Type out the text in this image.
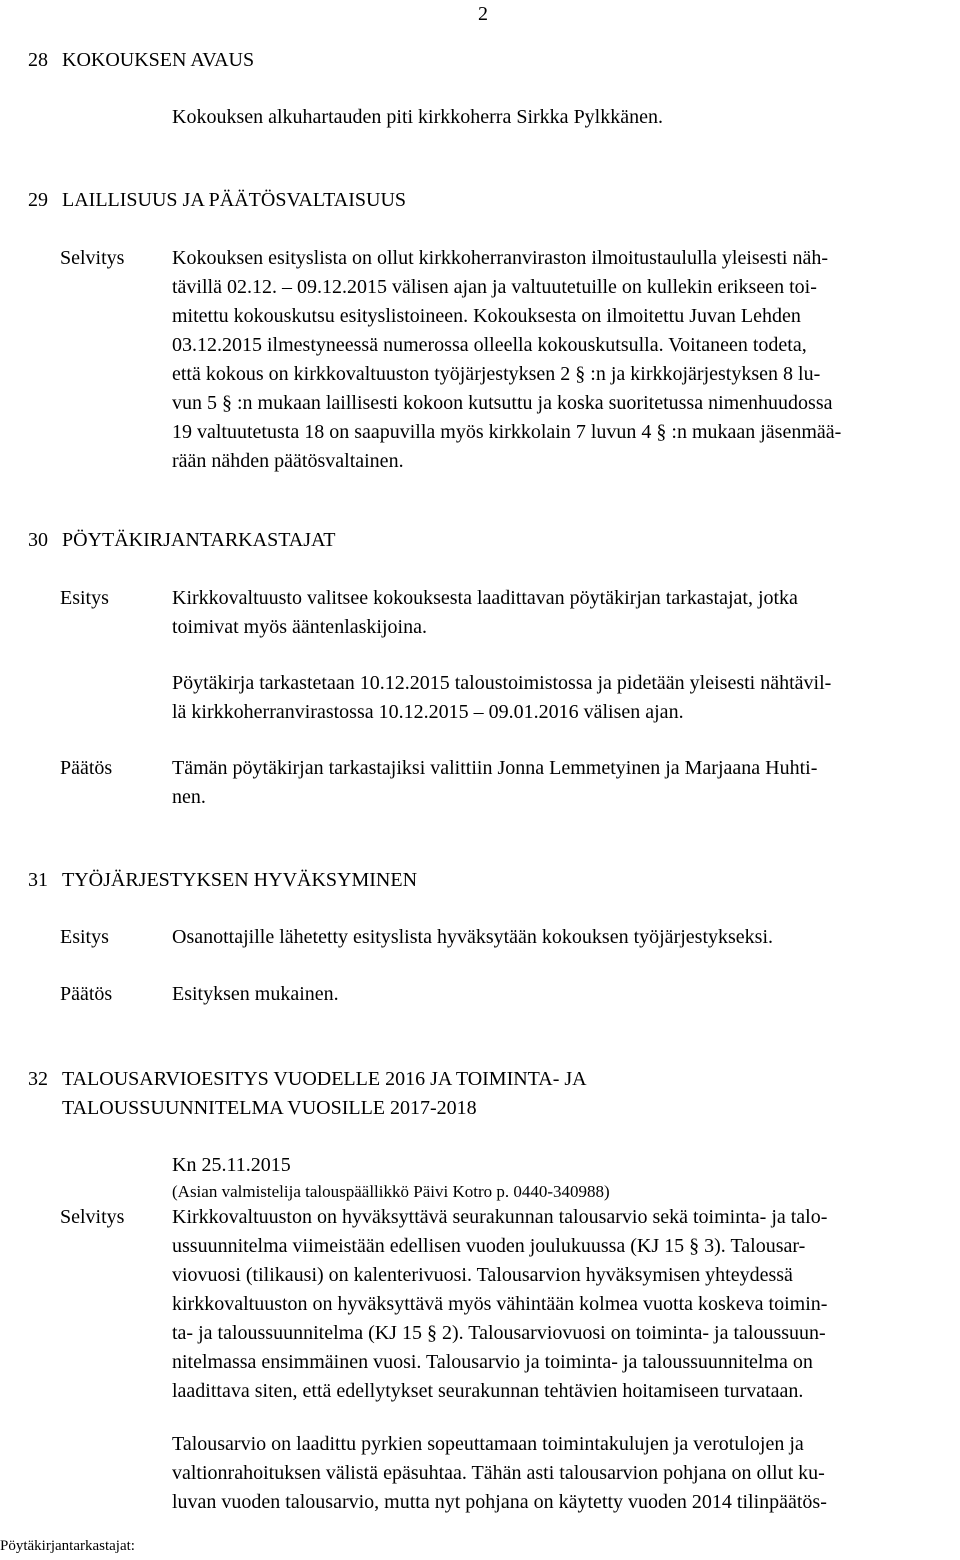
2
28 KOKOUKSEN AVAUS

Kokouksen alkuhartauden piti kirkkoherra Sirkka Pylkkänen.

29 LAILLISUUS JA PÄÄTÖSVALTAISUUS
Selvitys Kokouksen esityslista on ollut kirkkoherranviraston ilmoitustaululla yleisesti näh-

tävillä 02.12. – 09.12.2015 välisen ajan ja valtuutetuille on kullekin erikseen toi-

mitettu kokouskutsu esityslistoineen. Kokouksesta on ilmoitettu Juvan Lehden

03.12.2015 ilmestyneessä numerossa olleella kokouskutsulla. Voitaneen todeta,

että kokous on kirkkovaltuuston työjärjestyksen 2 § :n ja kirkkojärjestyksen 8 lu-

vun 5 § :n mukaan laillisesti kokoon kutsuttu ja koska suoritetussa nimenhuudossa

19 valtuutetusta 18 on saapuvilla myös kirkkolain 7 luvun 4 § :n mukaan jäsenmää-

rään nähden päätösvaltainen.

30 PÖYTÄKIRJANTARKASTAJAT
Esitys	Kirkkovaltuusto valitsee kokouksesta laadittavan pöytäkirjan tarkastajat, jotka

toimivat myös ääntenlaskijoina.

Pöytäkirja tarkastetaan 10.12.2015 taloustoimistossa ja pidetään yleisesti nähtävil-

lä kirkkoherranvirastossa 10.12.2015 – 09.01.2016 välisen ajan.

Päätös	Tämän pöytäkirjan tarkastajiksi valittiin Jonna Lemmetyinen ja Marjaana Huhti-

nen.

31 TYÖJÄRJESTYKSEN HYVÄKSYMINEN
Esitys	Osanottajille lähetetty esityslista hyväksytään kokouksen työjärjestykseksi.

Päätös	Esityksen mukainen.

32 TALOUSARVIOESITYS VUODELLE 2016 JA TOIMINTA- JA
TALOUSSUUNNITELMA VUOSILLE 2017-2018
Kn 25.11.2015
(Asian valmistelija talouspäällikkö Päivi Kotro p. 0440-340988)
Selvitys Kirkkovaltuuston on hyväksyttävä seurakunnan talousarvio sekä toiminta- ja talo-

ussuunnitelma viimeistään edellisen vuoden joulukuussa (KJ 15 § 3). Talousar-

viovuosi (tilikausi) on kalenterivuosi. Talousarvion hyväksymisen yhteydessä

kirkkovaltuuston on hyväksyttävä myös vähintään kolmea vuotta koskeva toimin-

ta- ja taloussuunnitelma (KJ 15 § 2). Talousarviovuosi on toiminta- ja taloussuun-

nitelmassa ensimmäinen vuosi. Talousarvio ja toiminta- ja taloussuunnitelma on

laadittava siten, että edellytykset seurakunnan tehtävien hoitamiseen turvataan.

Talousarvio on laadittu pyrkien sopeuttamaan toimintakulujen ja verotulojen ja

valtionrahoituksen välistä epäsuhtaa. Tähän asti talousarvion pohjana on ollut ku-

luvan vuoden talousarvio, mutta nyt pohjana on käytetty vuoden 2014 tilinpäätös-

Pöytäkirjantarkastajat:
